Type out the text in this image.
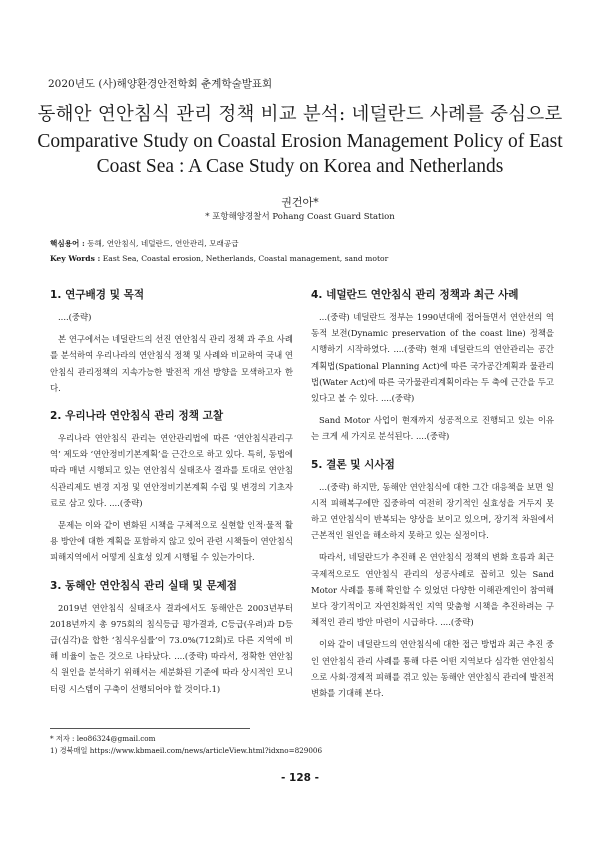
2020년도 (사)해양환경안전학회 춘계학술발표회
동해안 연안침식 관리 정책 비교 분석: 네덜란드 사례를 중심으로
Comparative Study on Coastal Erosion Management Policy of East Coast Sea : A Case Study on Korea and Netherlands
권건아*
* 포항해양경찰서 Pohang Coast Guard Station
핵심용어 : 동해, 연안침식, 네덜란드, 연안관리, 모래공급
Key Words : East Sea, Coastal erosion, Netherlands, Coastal management, sand motor
1. 연구배경 및 목적

....(중략)

본 연구에서는 네덜란드의 선진 연안침식 관리 정책 과 주요 사례를 분석하여 우리나라의 연안침식 정책 및 사례와 비교하여 국내 연안침식 관리정책의 지속가능한 발전적 개선 방향을 모색하고자 한다.

2. 우리나라 연안침식 관리 정책 고찰

우리나라 연안침식 관리는 연안관리법에 따른 ‘연안침식관리구역’ 제도와 ‘연안정비기본계획’을 근간으로 하고 있다. 특히, 동법에 따라 매년 시행되고 있는 연안침식 실태조사 결과를 토대로 연안침식관리제도 변경 지정 및 연안정비기본계획 수립 및 변경의 기초자료로 삼고 있다. ....(중략)

문제는 이와 같이 변화된 시책을 구체적으로 실현할 인적·물적 활용 방안에 대한 계획을 포함하지 않고 있어 관련 시책들이 연안침식 피해지역에서 어떻게 실효성 있게 시행될 수 있는가이다.

3. 동해안 연안침식 관리 실태 및 문제점

2019년 연안침식 실태조사 결과에서도 동해안은 2003년부터 2018년까지 총 975회의 침식등급 평가결과, C등급(우려)과 D등급(심각)을 합한 ‘침식우심률’이 73.0%(712회)로 다른 지역에 비해 비율이 높은 것으로 나타났다. ....(중략) 따라서, 정확한 연안침식 원인을 분석하기 위해서는 세분화된 기준에 따라 상시적인 모니터링 시스템이 구축이 선행되어야 할 것이다.1)

4. 네덜란드 연안침식 관리 정책과 최근 사례

...(중략) 네덜란드 정부는 1990년대에 접어들면서 연안선의 역동적 보전(Dynamic preservation of the coast line) 정책을 시행하기 시작하였다. ....(중략) 현재 네덜란드의 연안관리는 공간계획법(Spational Planning Act)에 따른 국가공간계획과 물관리법(Water Act)에 따른 국가물관리계획이라는 두 축에 근간을 두고 있다고 볼 수 있다. ....(중략)

Sand Motor 사업이 현재까지 성공적으로 진행되고 있는 이유는 크게 세 가지로 분석된다. ....(중략)

5. 결론 및 시사점

...(중략) 하지만, 동해안 연안침식에 대한 그간 대응책을 보면 일시적 피해복구에만 집중하여 여전히 장기적인 실효성을 거두지 못하고 연안침식이 반복되는 양상을 보이고 있으며, 장기적 차원에서 근본적인 원인을 해소하지 못하고 있는 실정이다.

따라서, 네덜란드가 추진해 온 연안침식 정책의 변화 흐름과 최근 국제적으로도 연안침식 관리의 성공사례로 꼽히고 있는 Sand Motor 사례를 통해 확인할 수 있었던 다양한 이해관계인이 참여해 보다 장기적이고 자연친화적인 지역 맞춤형 시책을 추진하려는 구체적인 관리 방안 마련이 시급하다. ....(중략)

이와 같이 네덜란드의 연안침식에 대한 접근 방법과 최근 추진 중인 연안침식 관리 사례를 통해 다른 어떤 지역보다 심각한 연안침식으로 사회·경제적 피해를 겪고 있는 동해안 연안침식 관리에 발전적 변화를 기대해 본다.

* 저자 : leo86324@gmail.com
1) 경북매일 https://www.kbmaeil.com/news/articleView.html?idxno=829006
- 128 -
